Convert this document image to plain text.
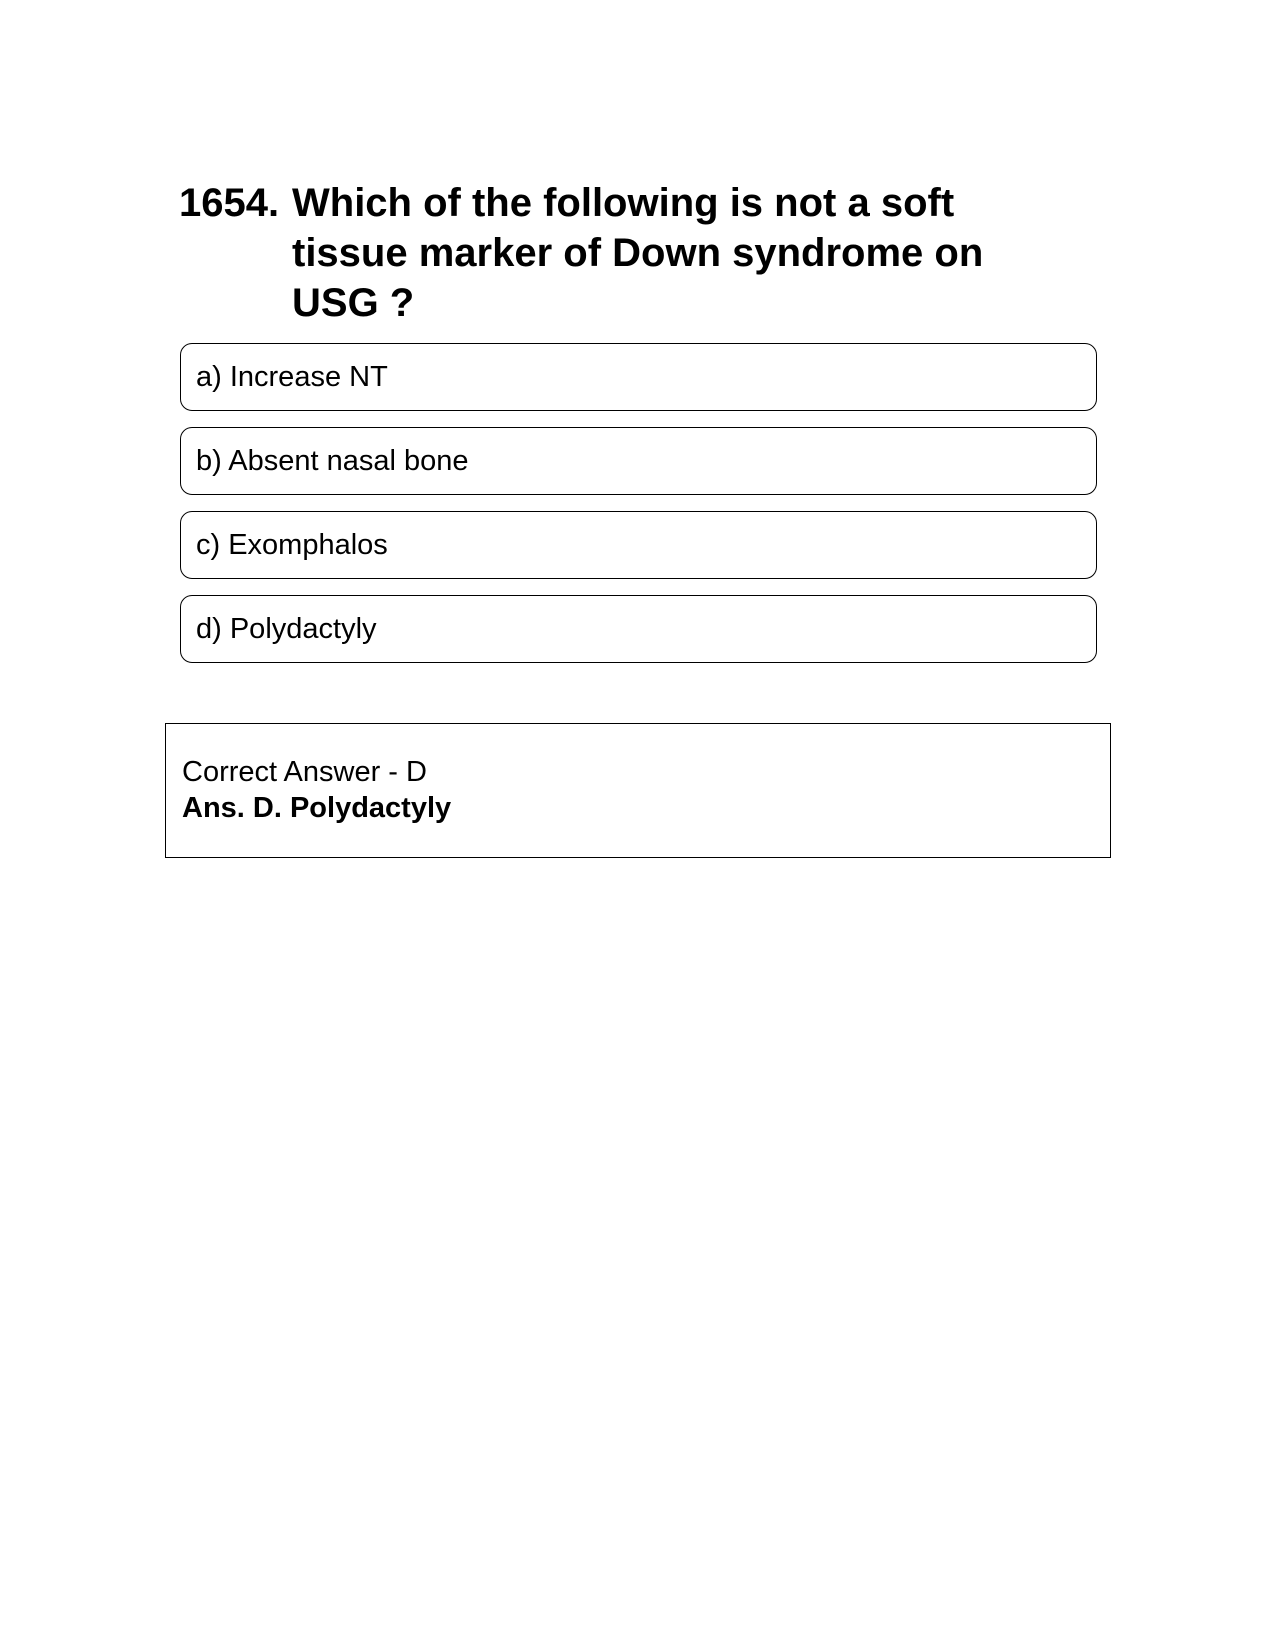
1654. Which of the following is not a soft tissue marker of Down syndrome on USG ?
a) Increase NT
b) Absent nasal bone
c) Exomphalos
d) Polydactyly
Correct Answer - D
Ans. D. Polydactyly
